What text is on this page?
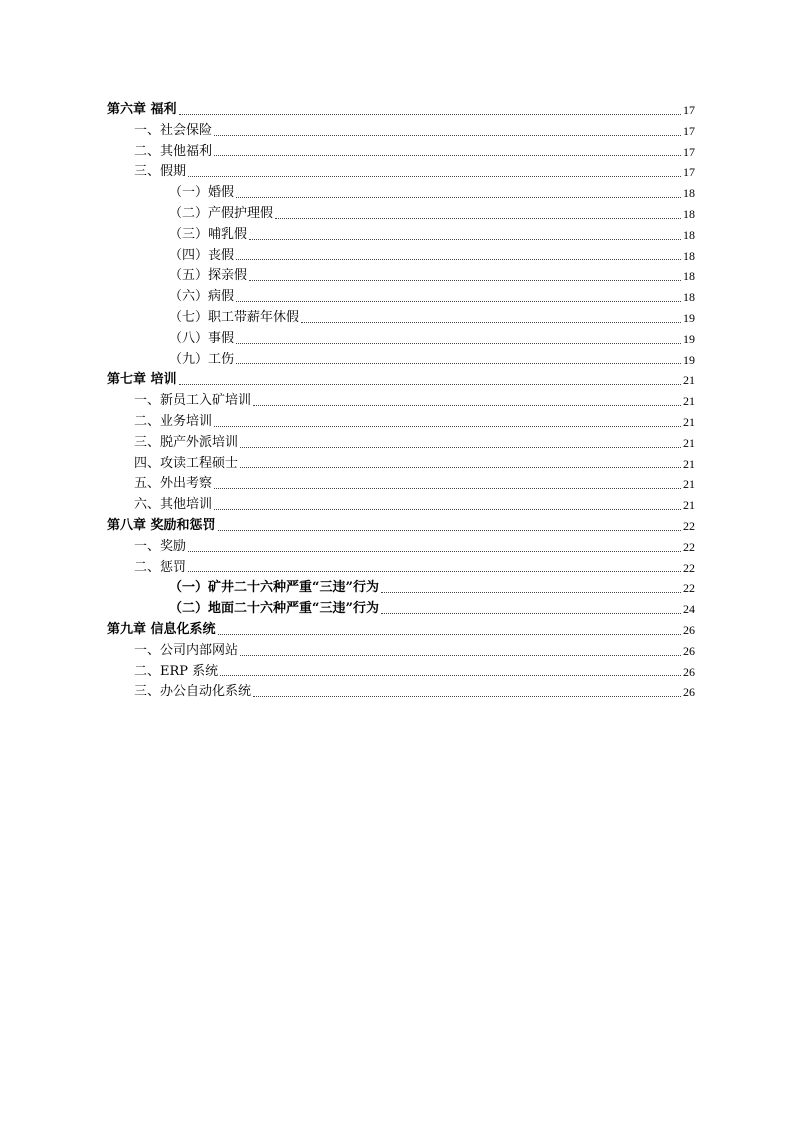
第六章 福利	17
一、社会保险	17
二、其他福利	17
三、假期	17
（一）婚假	18
（二）产假护理假	18
（三）哺乳假	18
（四）丧假	18
（五）探亲假	18
（六）病假	18
（七）职工带薪年休假	19
（八）事假	19
（九）工伤	19
第七章 培训	21
一、新员工入矿培训	21
二、业务培训	21
三、脱产外派培训	21
四、攻读工程硕士	21
五、外出考察	21
六、其他培训	21
第八章 奖励和惩罚	22
一、奖励	22
二、惩罚	22
（一）矿井二十六种严重“三违”行为	22
（二）地面二十六种严重“三违”行为	24
第九章 信息化系统	26
一、公司内部网站	26
二、ERP 系统	26
三、办公自动化系统	26
